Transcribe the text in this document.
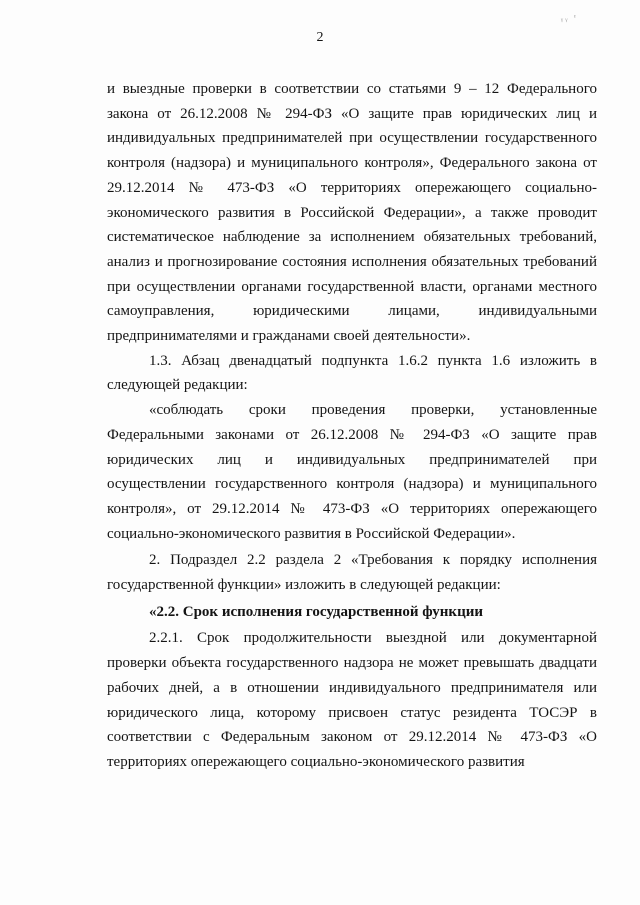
ᵧᵧ ᵋ
2

и выездные проверки в соответствии со статьями 9 – 12 Федерального закона от 26.12.2008 № 294-ФЗ «О защите прав юридических лиц и индивидуальных предпринимателей при осуществлении государственного контроля (надзора) и муниципального контроля», Федерального закона от 29.12.2014 № 473-ФЗ «О территориях опережающего социально-экономического развития в Российской Федерации», а также проводит систематическое наблюдение за исполнением обязательных требований, анализ и прогнозирование состояния исполнения обязательных требований при осуществлении органами государственной власти, органами местного самоуправления, юридическими лицами, индивидуальными предпринимателями и гражданами своей деятельности».

1.3. Абзац двенадцатый подпункта 1.6.2 пункта 1.6 изложить в следующей редакции:

«соблюдать сроки проведения проверки, установленные Федеральными законами от 26.12.2008 № 294-ФЗ «О защите прав юридических лиц и индивидуальных предпринимателей при осуществлении государственного контроля (надзора) и муниципального контроля», от 29.12.2014 № 473-ФЗ «О территориях опережающего социально-экономического развития в Российской Федерации».

2. Подраздел 2.2 раздела 2 «Требования к порядку исполнения государственной функции» изложить в следующей редакции:

«2.2. Срок исполнения государственной функции

2.2.1. Срок продолжительности выездной или документарной проверки объекта государственного надзора не может превышать двадцати рабочих дней, а в отношении индивидуального предпринимателя или юридического лица, которому присвоен статус резидента ТОСЭР в соответствии с Федеральным законом от 29.12.2014 № 473-ФЗ «О территориях опережающего социально-экономического развития
